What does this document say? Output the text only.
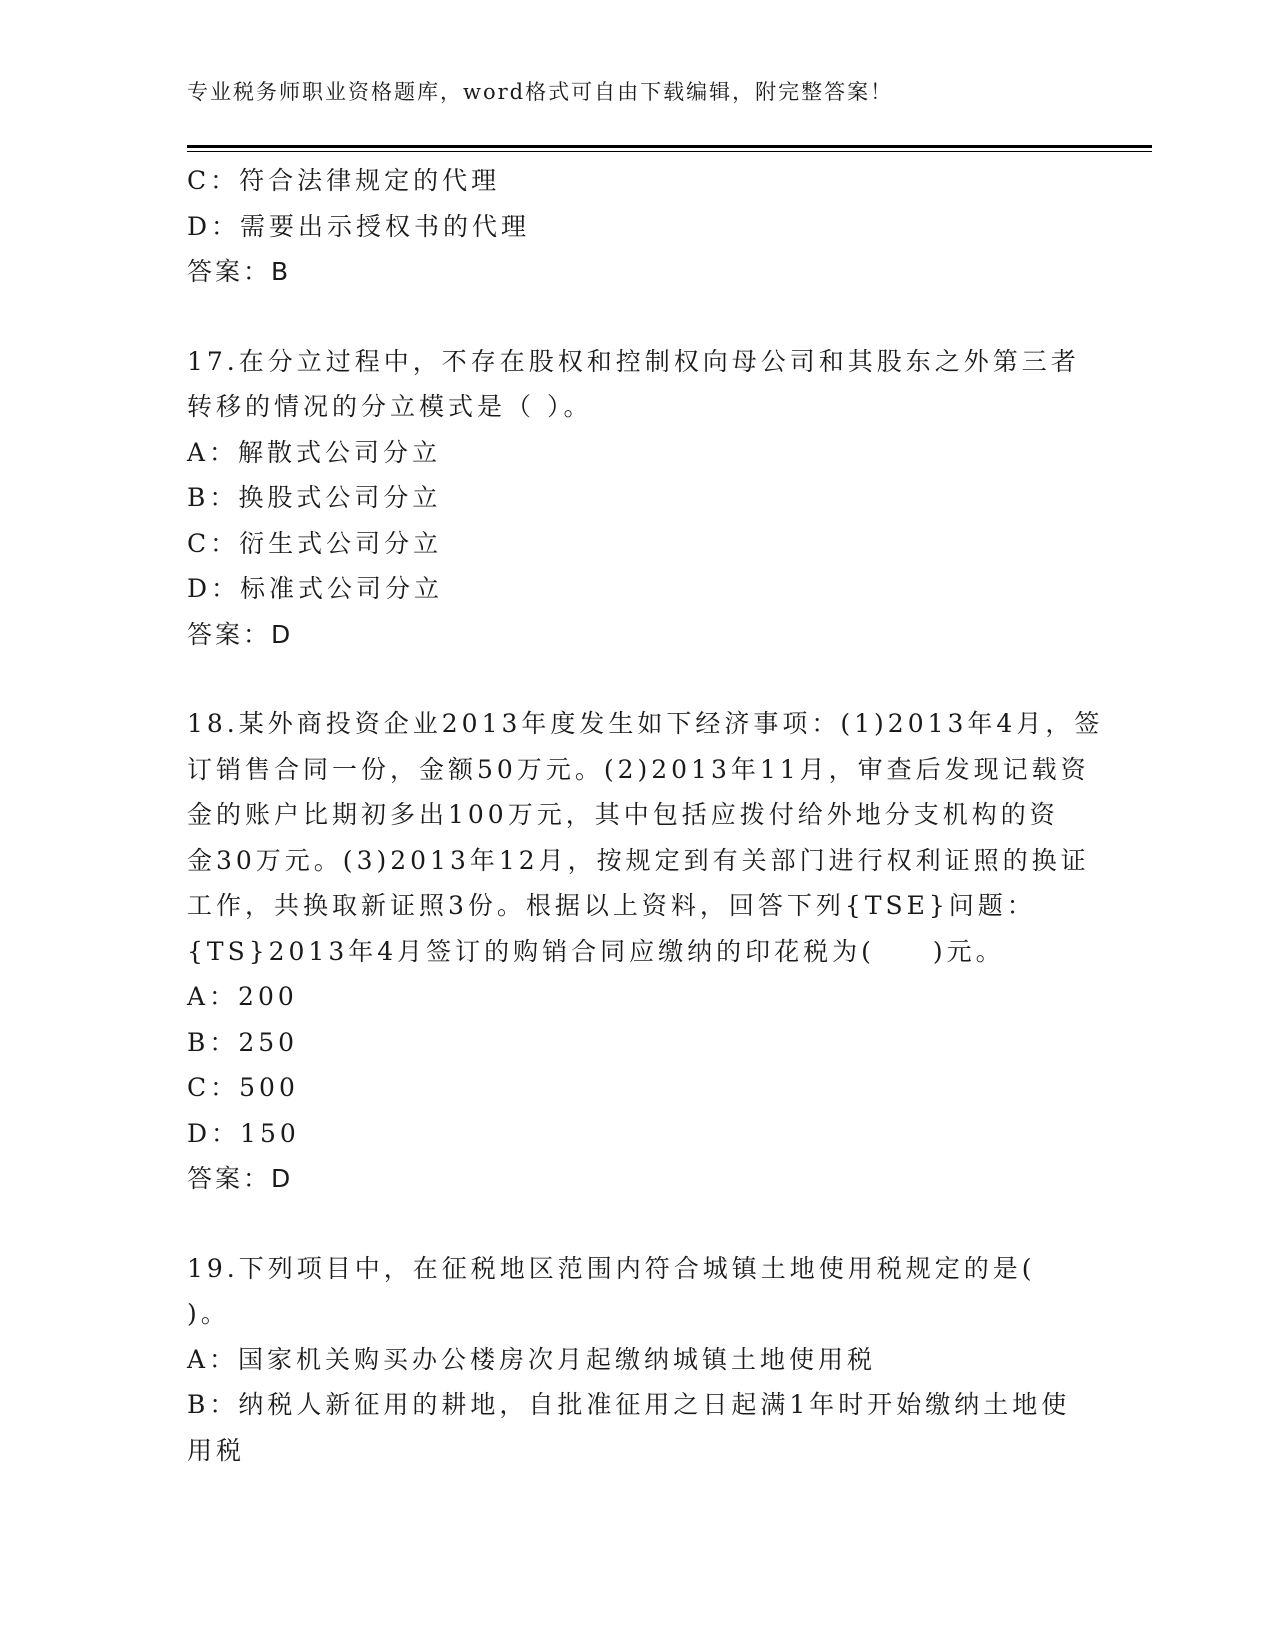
专业税务师职业资格题库，word格式可自由下载编辑，附完整答案！
C：符合法律规定的代理
D：需要出示授权书的代理
答案：B
17.在分立过程中，不存在股权和控制权向母公司和其股东之外第三者
转移的情况的分立模式是（ ）。
A：解散式公司分立
B：换股式公司分立
C：衍生式公司分立
D：标准式公司分立
答案：D
18.某外商投资企业2013年度发生如下经济事项：(1)2013年4月，签
订销售合同一份，金额50万元。(2)2013年11月，审查后发现记载资
金的账户比期初多出100万元，其中包括应拨付给外地分支机构的资
金30万元。(3)2013年12月，按规定到有关部门进行权利证照的换证
工作，共换取新证照3份。根据以上资料，回答下列{TSE}问题：
{TS}2013年4月签订的购销合同应缴纳的印花税为(　　)元。
A：200
B：250
C：500
D：150
答案：D
19.下列项目中，在征税地区范围内符合城镇土地使用税规定的是(
)。
A：国家机关购买办公楼房次月起缴纳城镇土地使用税
B：纳税人新征用的耕地，自批准征用之日起满1年时开始缴纳土地使
用税
